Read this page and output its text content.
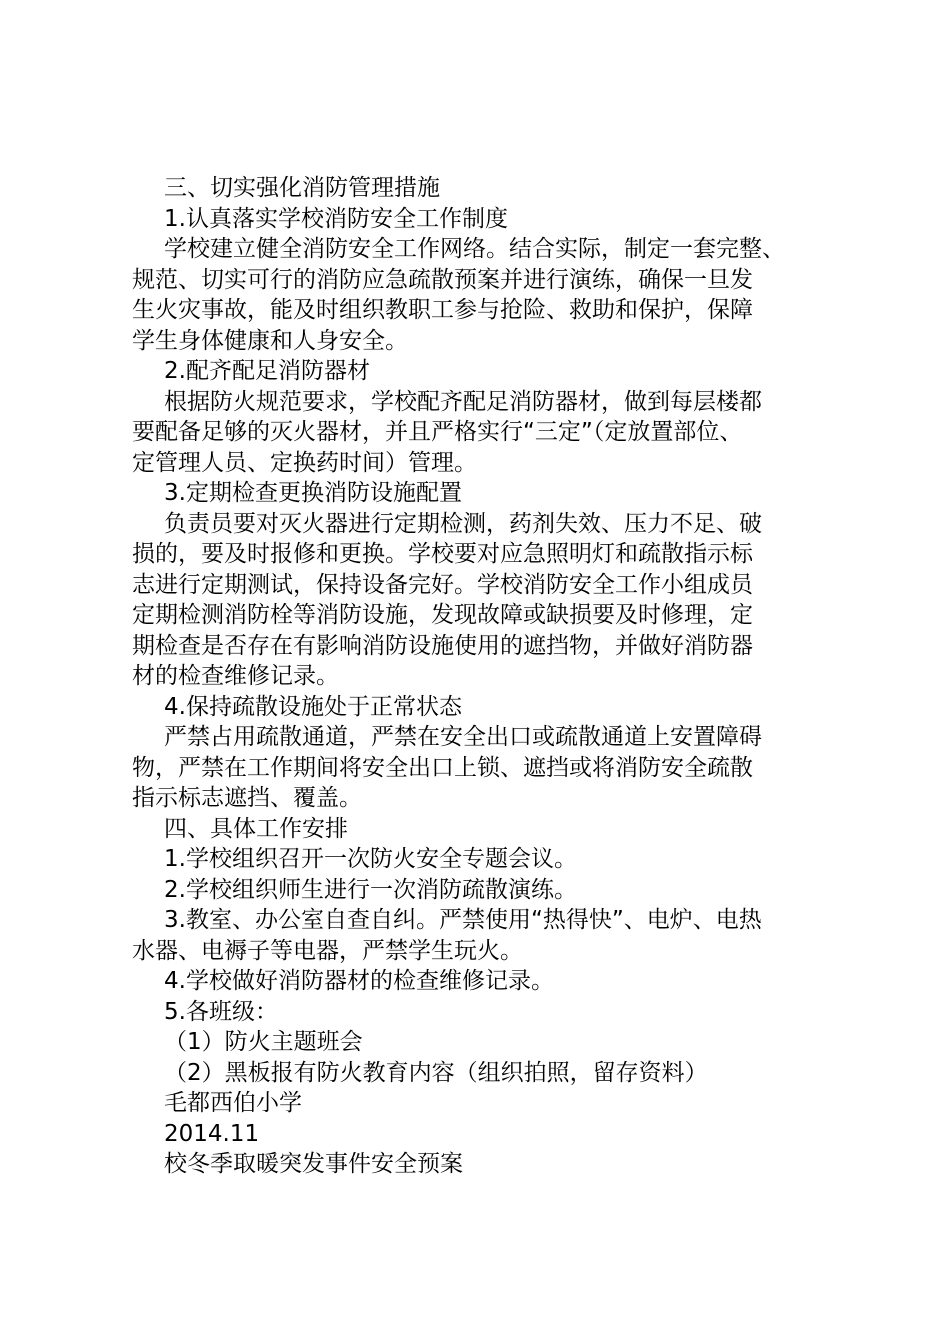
三、切实强化消防管理措施
1.认真落实学校消防安全工作制度
学校建立健全消防安全工作网络。结合实际，制定一套完整、
规范、切实可行的消防应急疏散预案并进行演练，确保一旦发
生火灾事故，能及时组织教职工参与抢险、救助和保护，保障
学生身体健康和人身安全。
2.配齐配足消防器材
根据防火规范要求，学校配齐配足消防器材，做到每层楼都
要配备足够的灭火器材，并且严格实行“三定”（定放置部位、
定管理人员、定换药时间）管理。
3.定期检查更换消防设施配置
负责员要对灭火器进行定期检测，药剂失效、压力不足、破
损的，要及时报修和更换。学校要对应急照明灯和疏散指示标
志进行定期测试，保持设备完好。学校消防安全工作小组成员
定期检测消防栓等消防设施，发现故障或缺损要及时修理，定
期检查是否存在有影响消防设施使用的遮挡物，并做好消防器
材的检查维修记录。
4.保持疏散设施处于正常状态
严禁占用疏散通道，严禁在安全出口或疏散通道上安置障碍
物，严禁在工作期间将安全出口上锁、遮挡或将消防安全疏散
指示标志遮挡、覆盖。
四、具体工作安排
1.学校组织召开一次防火安全专题会议。
2.学校组织师生进行一次消防疏散演练。
3.教室、办公室自查自纠。严禁使用“热得快”、电炉、电热
水器、电褥子等电器，严禁学生玩火。
4.学校做好消防器材的检查维修记录。
5.各班级：
（1）防火主题班会
（2）黑板报有防火教育内容（组织拍照，留存资料）
毛都西伯小学
2014.11
校冬季取暖突发事件安全预案
